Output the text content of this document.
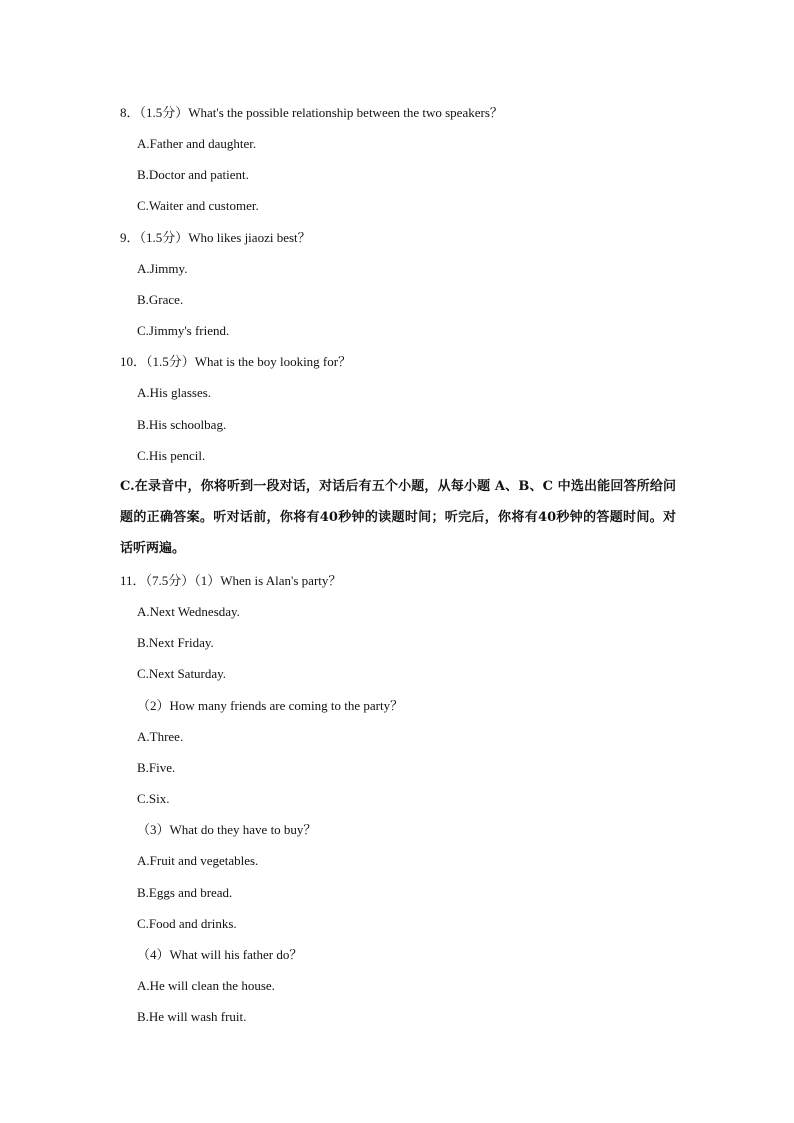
8．（1.5分）What's the possible relationship between the two speakers？
A.Father and daughter.
B.Doctor and patient.
C.Waiter and customer.
9．（1.5分）Who likes jiaozi best？
A.Jimmy.
B.Grace.
C.Jimmy's friend.
10．（1.5分）What is the boy looking for？
A.His glasses.
B.His schoolbag.
C.His pencil.
C.在录音中，你将听到一段对话，对话后有五个小题，从每小题 A、B、C 中选出能回答所给问题的正确答案。听对话前，你将有40秒钟的读题时间；听完后，你将有40秒钟的答题时间。对话听两遍。
11．（7.5分）（1）When is Alan's party？
A.Next Wednesday.
B.Next Friday.
C.Next Saturday.
（2）How many friends are coming to the party？
A.Three.
B.Five.
C.Six.
（3）What do they have to buy？
A.Fruit and vegetables.
B.Eggs and bread.
C.Food and drinks.
（4）What will his father do？
A.He will clean the house.
B.He will wash fruit.
